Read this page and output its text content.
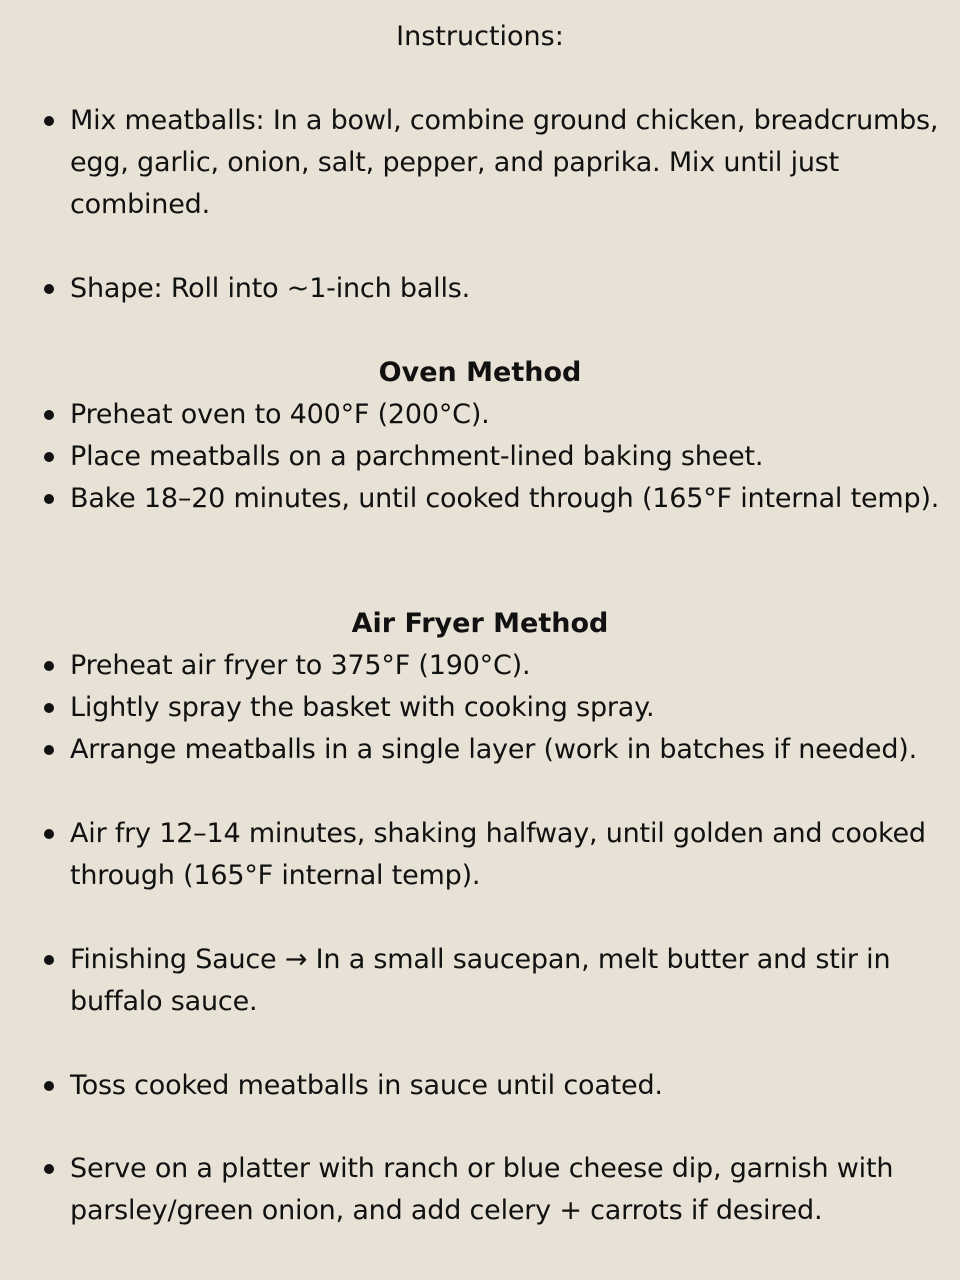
Instructions:
Mix meatballs: In a bowl, combine ground chicken, breadcrumbs, egg, garlic, onion, salt, pepper, and paprika. Mix until just combined.
Shape: Roll into ~1-inch balls.
Oven Method
Preheat oven to 400°F (200°C).
Place meatballs on a parchment-lined baking sheet.
Bake 18–20 minutes, until cooked through (165°F internal temp).
Air Fryer Method
Preheat air fryer to 375°F (190°C).
Lightly spray the basket with cooking spray.
Arrange meatballs in a single layer (work in batches if needed).
Air fry 12–14 minutes, shaking halfway, until golden and cooked through (165°F internal temp).
Finishing Sauce → In a small saucepan, melt butter and stir in buffalo sauce.
Toss cooked meatballs in sauce until coated.
Serve on a platter with ranch or blue cheese dip, garnish with parsley/green onion, and add celery + carrots if desired.
